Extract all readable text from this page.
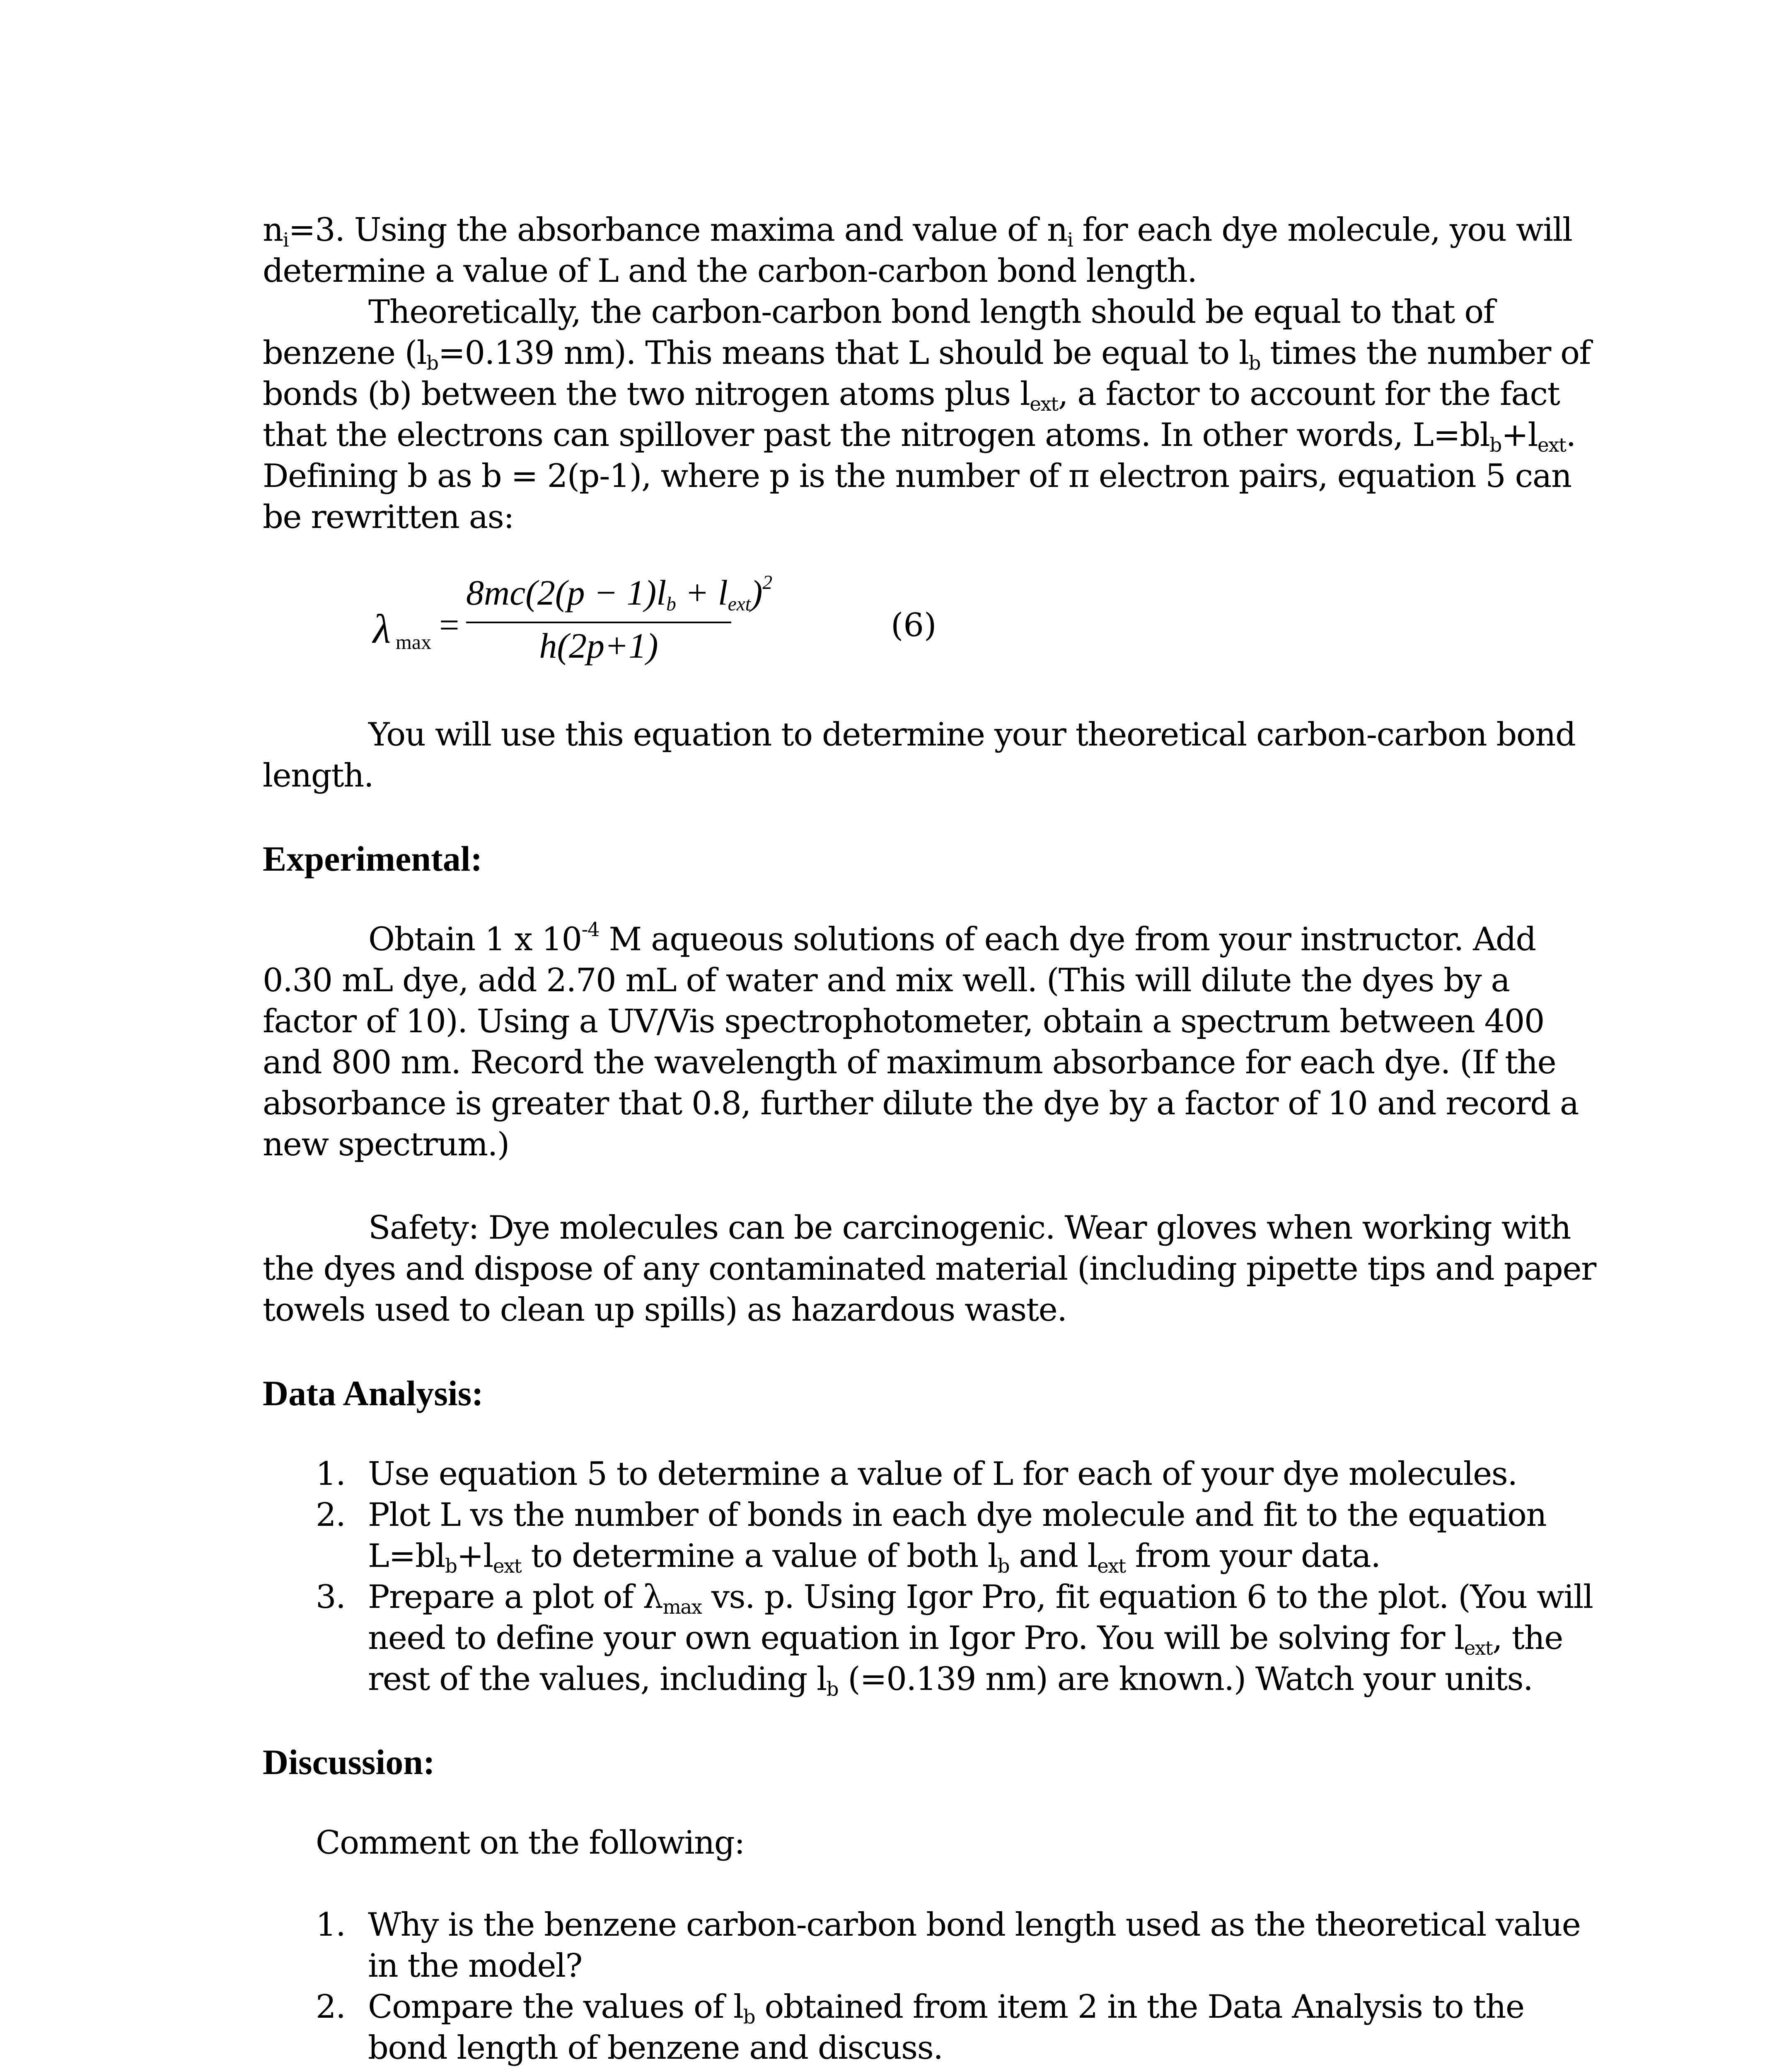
$n_i=3$. Using the absorbance maxima and value of $n_i$ for each dye molecule, you will

determine a value of L and the carbon-carbon bond length.

Theoretically, the carbon-carbon bond length should be equal to that of

benzene ($l_b=0.139$ nm). This means that L should be equal to $l_b$ times the number of

bonds (b) between the two nitrogen atoms plus $l_{ext}$, a factor to account for the fact

that the electrons can spillover past the nitrogen atoms. In other words, $L=bl_b+l_{ext}$.

Defining b as b = 2(p-1), where p is the number of π electron pairs, equation 5 can

be rewritten as:

λ max =
8mc(2(p − 1)lb + lext)$^2$
h(2p+1)
(6)

You will use this equation to determine your theoretical carbon-carbon bond

length.

Experimental:

Obtain 1 x $10^{-4}$ M aqueous solutions of each dye from your instructor. Add

0.30 mL dye, add 2.70 mL of water and mix well. (This will dilute the dyes by a

factor of 10). Using a UV/Vis spectrophotometer, obtain a spectrum between 400

and 800 nm. Record the wavelength of maximum absorbance for each dye. (If the

absorbance is greater that 0.8, further dilute the dye by a factor of 10 and record a

new spectrum.)

Safety: Dye molecules can be carcinogenic. Wear gloves when working with

the dyes and dispose of any contaminated material (including pipette tips and paper

towels used to clean up spills) as hazardous waste.

Data Analysis:
1. Use equation 5 to determine a value of L for each of your dye molecules.

2. Plot L vs the number of bonds in each dye molecule and fit to the equation

$L=bl_b+l_{ext}$ to determine a value of both $l_b$ and $l_{ext}$ from your data.

3. Prepare a plot of $\lambda_{max}$ vs. p. Using Igor Pro, fit equation 6 to the plot. (You will

need to define your own equation in Igor Pro. You will be solving for $l_{ext}$, the

rest of the values, including $l_b$ (=0.139 nm) are known.) Watch your units.

Discussion:
Comment on the following:
1. Why is the benzene carbon-carbon bond length used as the theoretical value

in the model?

2. Compare the values of $l_b$ obtained from item 2 in the Data Analysis to the

bond length of benzene and discuss.
